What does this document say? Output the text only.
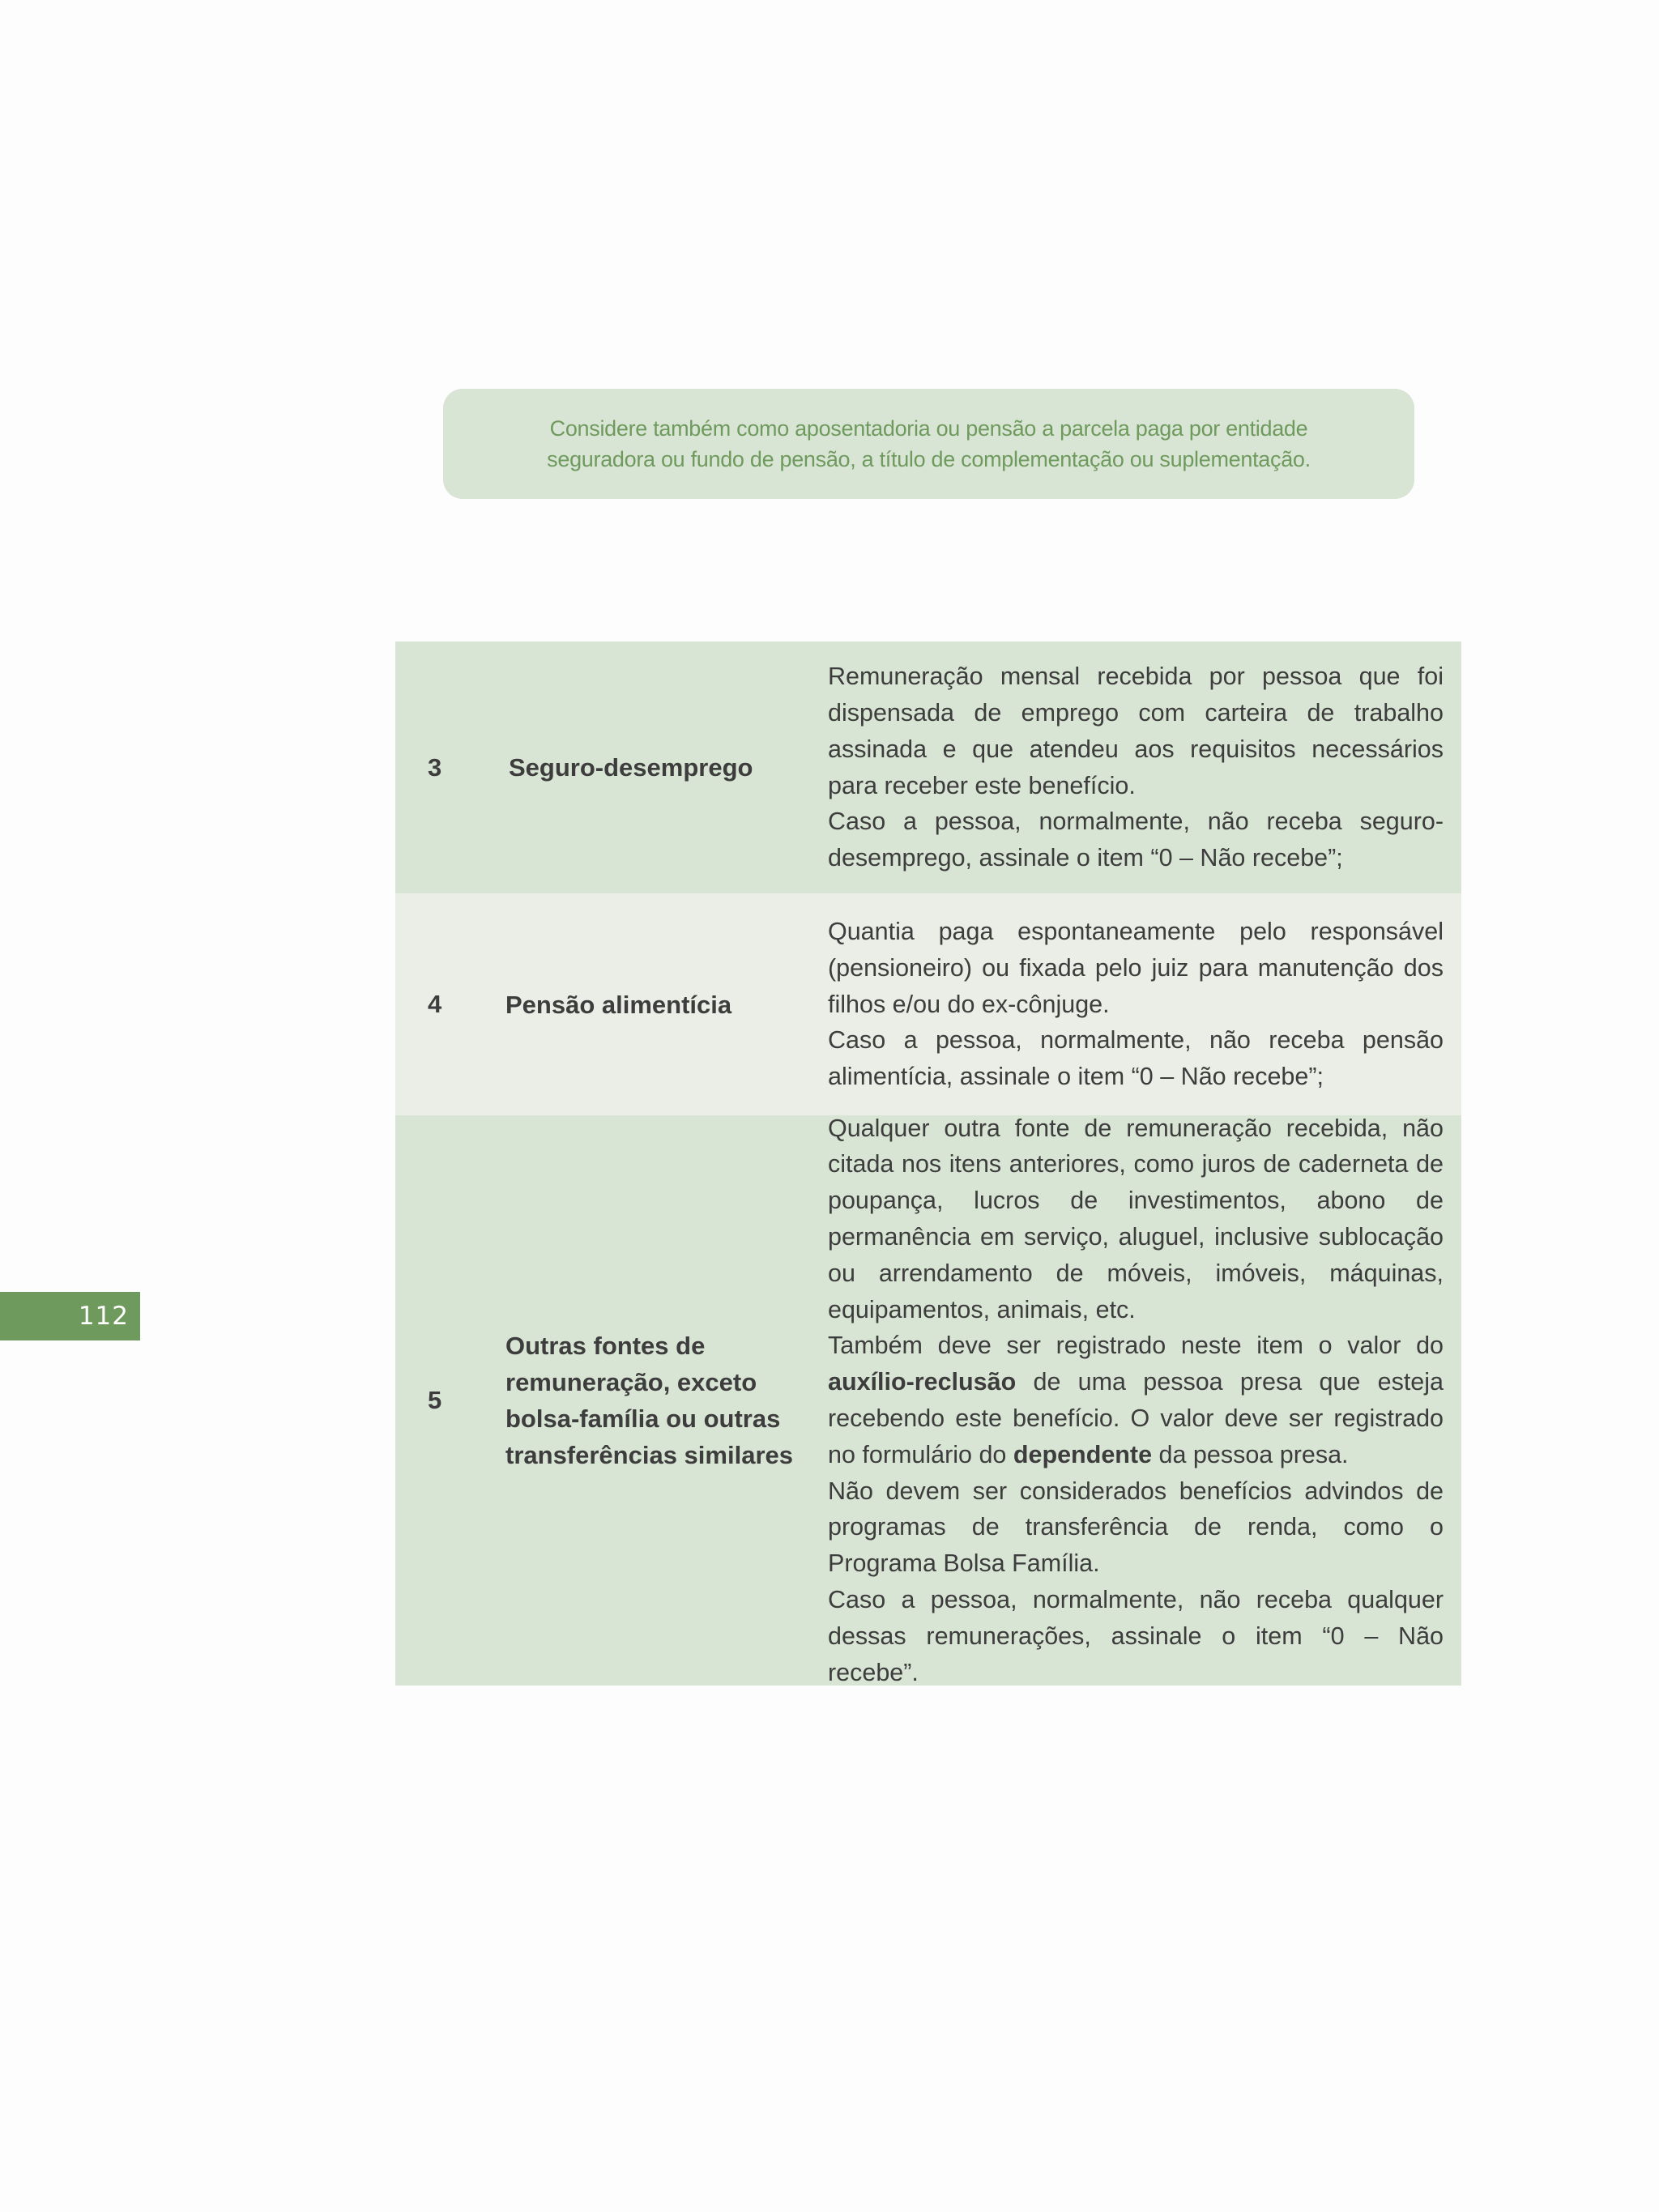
Considere também como aposentadoria ou pensão a parcela paga por entidade
seguradora ou fundo de pensão, a título de complementação ou suplementação.
3	Seguro-desemprego

Remuneração mensal recebida por pessoa que foi dispensada de emprego com carteira de trabalho assinada e que atendeu aos requisitos necessários para receber este benefício.

Caso a pessoa, normalmente, não receba seguro-desemprego, assinale o item “0 – Não recebe”;

4	Pensão alimentícia

Quantia paga espontaneamente pelo responsável (pensioneiro) ou fixada pelo juiz para manutenção dos filhos e/ou do ex-cônjuge.

Caso a pessoa, normalmente, não receba pensão alimentícia, assinale o item “0 – Não recebe”;

5
Outras fontes de remuneração, exceto bolsa-família ou outras transferências similares

Qualquer outra fonte de remuneração recebida, não citada nos itens anteriores, como juros de caderneta de poupança, lucros de investimentos, abono de permanência em serviço, aluguel, inclusive sublocação ou arrendamento de móveis, imóveis, máquinas, equipamentos, animais, etc.

Também deve ser registrado neste item o valor do auxílio-reclusão de uma pessoa presa que esteja recebendo este benefício. O valor deve ser registrado no formulário do dependente da pessoa presa.

Não devem ser considerados benefícios advindos de programas de transferência de renda, como o Programa Bolsa Família.

Caso a pessoa, normalmente, não receba qualquer dessas remunerações, assinale o item “0 – Não recebe”.

112
